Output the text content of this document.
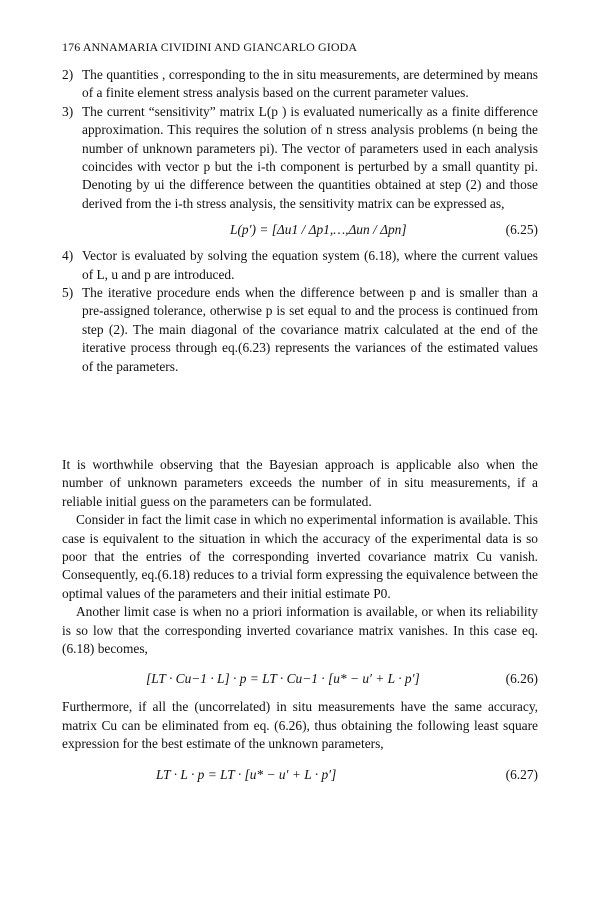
176 ANNAMARIA CIVIDINI AND GIANCARLO GIODA
2) The quantities , corresponding to the in situ measurements, are determined by means of a finite element stress analysis based on the current parameter values.
3) The current “sensitivity” matrix L(p ) is evaluated numerically as a finite difference approximation. This requires the solution of n stress analysis problems (n being the number of unknown parameters pi). The vector of parameters used in each analysis coincides with vector p but the i-th component is perturbed by a small quantity pi. Denoting by ui the difference between the quantities obtained at step (2) and those derived from the i-th stress analysis, the sensitivity matrix can be expressed as,
L(p′) = [Δu1 / Δp1,…,Δun / Δpn]	(6.25)
4) Vector is evaluated by solving the equation system (6.18), where the current values of L, u and p are introduced.
5) The iterative procedure ends when the difference between p and is smaller than a pre-assigned tolerance, otherwise p is set equal to and the process is continued from step (2). The main diagonal of the covariance matrix calculated at the end of the iterative process through eq.(6.23) represents the variances of the estimated values of the parameters.
It is worthwhile observing that the Bayesian approach is applicable also when the number of unknown parameters exceeds the number of in situ measurements, if a reliable initial guess on the parameters can be formulated.
Consider in fact the limit case in which no experimental information is available. This case is equivalent to the situation in which the accuracy of the experimental data is so poor that the entries of the corresponding inverted covariance matrix Cu vanish. Consequently, eq.(6.18) reduces to a trivial form expressing the equivalence between the optimal values of the parameters and their initial estimate P0.
Another limit case is when no a priori information is available, or when its reliability is so low that the corresponding inverted covariance matrix vanishes. In this case eq. (6.18) becomes,
[LT · Cu−1 · L] · p = LT · Cu−1 · [u* − u′ + L · p′]	(6.26)
Furthermore, if all the (uncorrelated) in situ measurements have the same accuracy, matrix Cu can be eliminated from eq. (6.26), thus obtaining the following least square expression for the best estimate of the unknown parameters,
LT · L · p = LT · [u* − u′ + L · p′]	(6.27)
